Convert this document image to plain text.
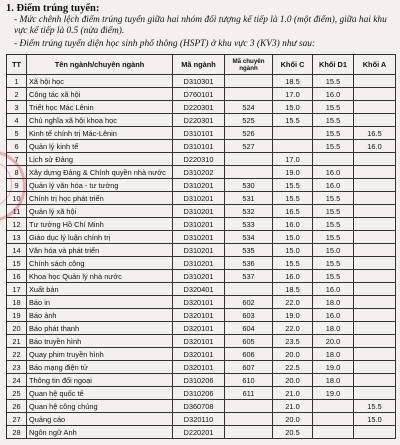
1. Điểm trúng tuyển:
- Mức chênh lệch điểm trúng tuyển giữa hai nhóm đối tượng kế tiếp là 1.0 (một điểm), giữa hai khu vực kế tiếp là 0.5 (nửa điểm).
- Điểm trúng tuyển diện học sinh phổ thông (HSPT) ở khu vực 3 (KV3) như sau:
TT	Tên ngành/chuyên ngành	Mã ngành	Mã chuyên ngành	Khối C	Khối D1	Khối A
1	Xã hội học	D310301		18.5	15.5	
2	Công tác xã hội	D760101		17.0	16.0	
3	Triết học Mác Lênin	D220301	524	15.0	15.5	
4	Chủ nghĩa xã hội khoa học	D220301	525	15.5	15.5	
5	Kinh tế chính trị Mác-Lênin	D310101	526		15.5	16.5
6	Quản lý kinh tế	D310101	527		15.5	16.0
7	Lịch sử Đảng	D220310		17.0		
8	Xây dựng Đảng & Chính quyền nhà nước	D310202		19.0	16.0	
9	Quản lý văn hóa - tư tưởng	D310201	530	15.5	16.0	
10	Chính trị học phát triển	D310201	531	15.5	15.5	
11	Quản lý xã hội	D310201	532	16.5	15.5	
12	Tư tưởng Hồ Chí Minh	D310201	533	16.0	15.5	
13	Giáo dục lý luận chính trị	D310201	534	15.0	15.5	
14	Văn hóa và phát triển	D310201	535	15.0	15.0	
15	Chính sách công	D310201	536	15.5	15.5	
16	Khoa học Quản lý nhà nước	D310201	537	16.0	15.5	
17	Xuất bản	D320401		18.5	16.0	
18	Báo in	D320101	602	22.0	18.0	
19	Báo ảnh	D320101	603	19.0	16.0	
20	Báo phát thanh	D320101	604	22.0	18.0	
21	Báo truyền hình	D320101	605	23.5	20.0	
22	Quay phim truyền hình	D320101	606	20.0	18.0	
23	Báo mạng điện tử	D320101	607	22.5	19.0	
24	Thông tin đối ngoại	D310206	610	20.0	18.0	
25	Quan hệ quốc tế	D310206	611	21.0	19.0	
26	Quan hệ công chúng	D360708		21.0		15.5
27	Quảng cáo	D320110		20.0		15.0
28	Ngôn ngữ Anh	D220201		20.5		
